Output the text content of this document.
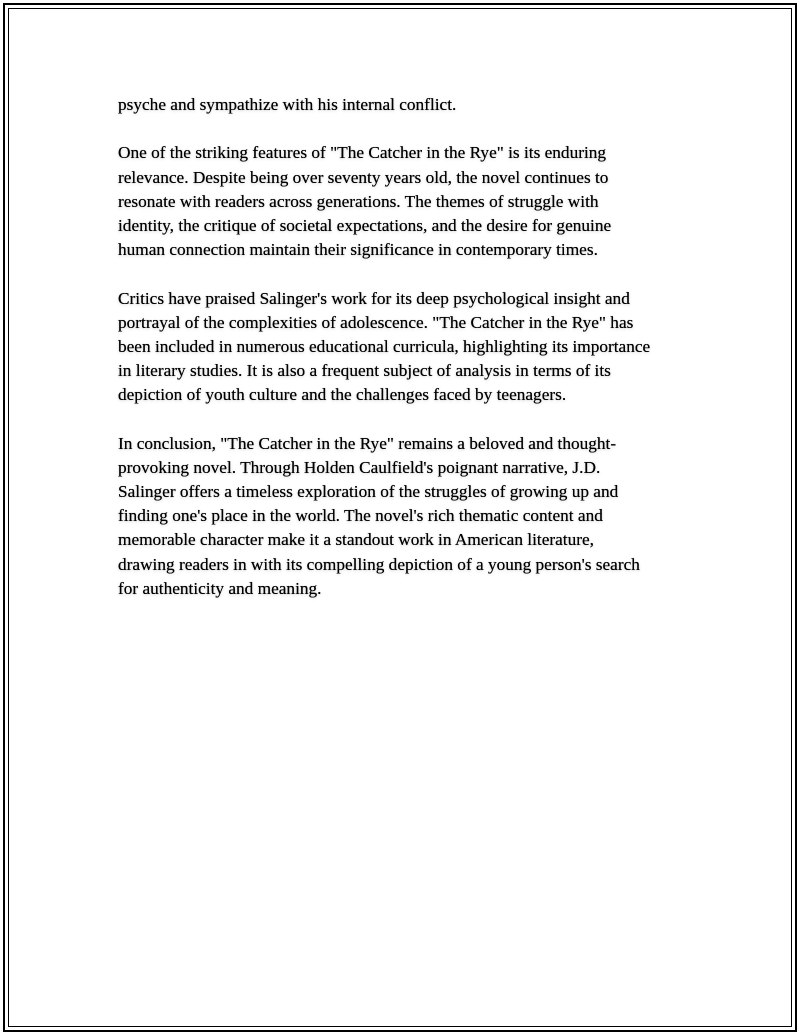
psyche and sympathize with his internal conflict.
One of the striking features of "The Catcher in the Rye" is its enduring
relevance. Despite being over seventy years old, the novel continues to
resonate with readers across generations. The themes of struggle with
identity, the critique of societal expectations, and the desire for genuine
human connection maintain their significance in contemporary times.
Critics have praised Salinger's work for its deep psychological insight and
portrayal of the complexities of adolescence. "The Catcher in the Rye" has
been included in numerous educational curricula, highlighting its importance
in literary studies. It is also a frequent subject of analysis in terms of its
depiction of youth culture and the challenges faced by teenagers.
In conclusion, "The Catcher in the Rye" remains a beloved and thought-
provoking novel. Through Holden Caulfield's poignant narrative, J.D.
Salinger offers a timeless exploration of the struggles of growing up and
finding one's place in the world. The novel's rich thematic content and
memorable character make it a standout work in American literature,
drawing readers in with its compelling depiction of a young person's search
for authenticity and meaning.
